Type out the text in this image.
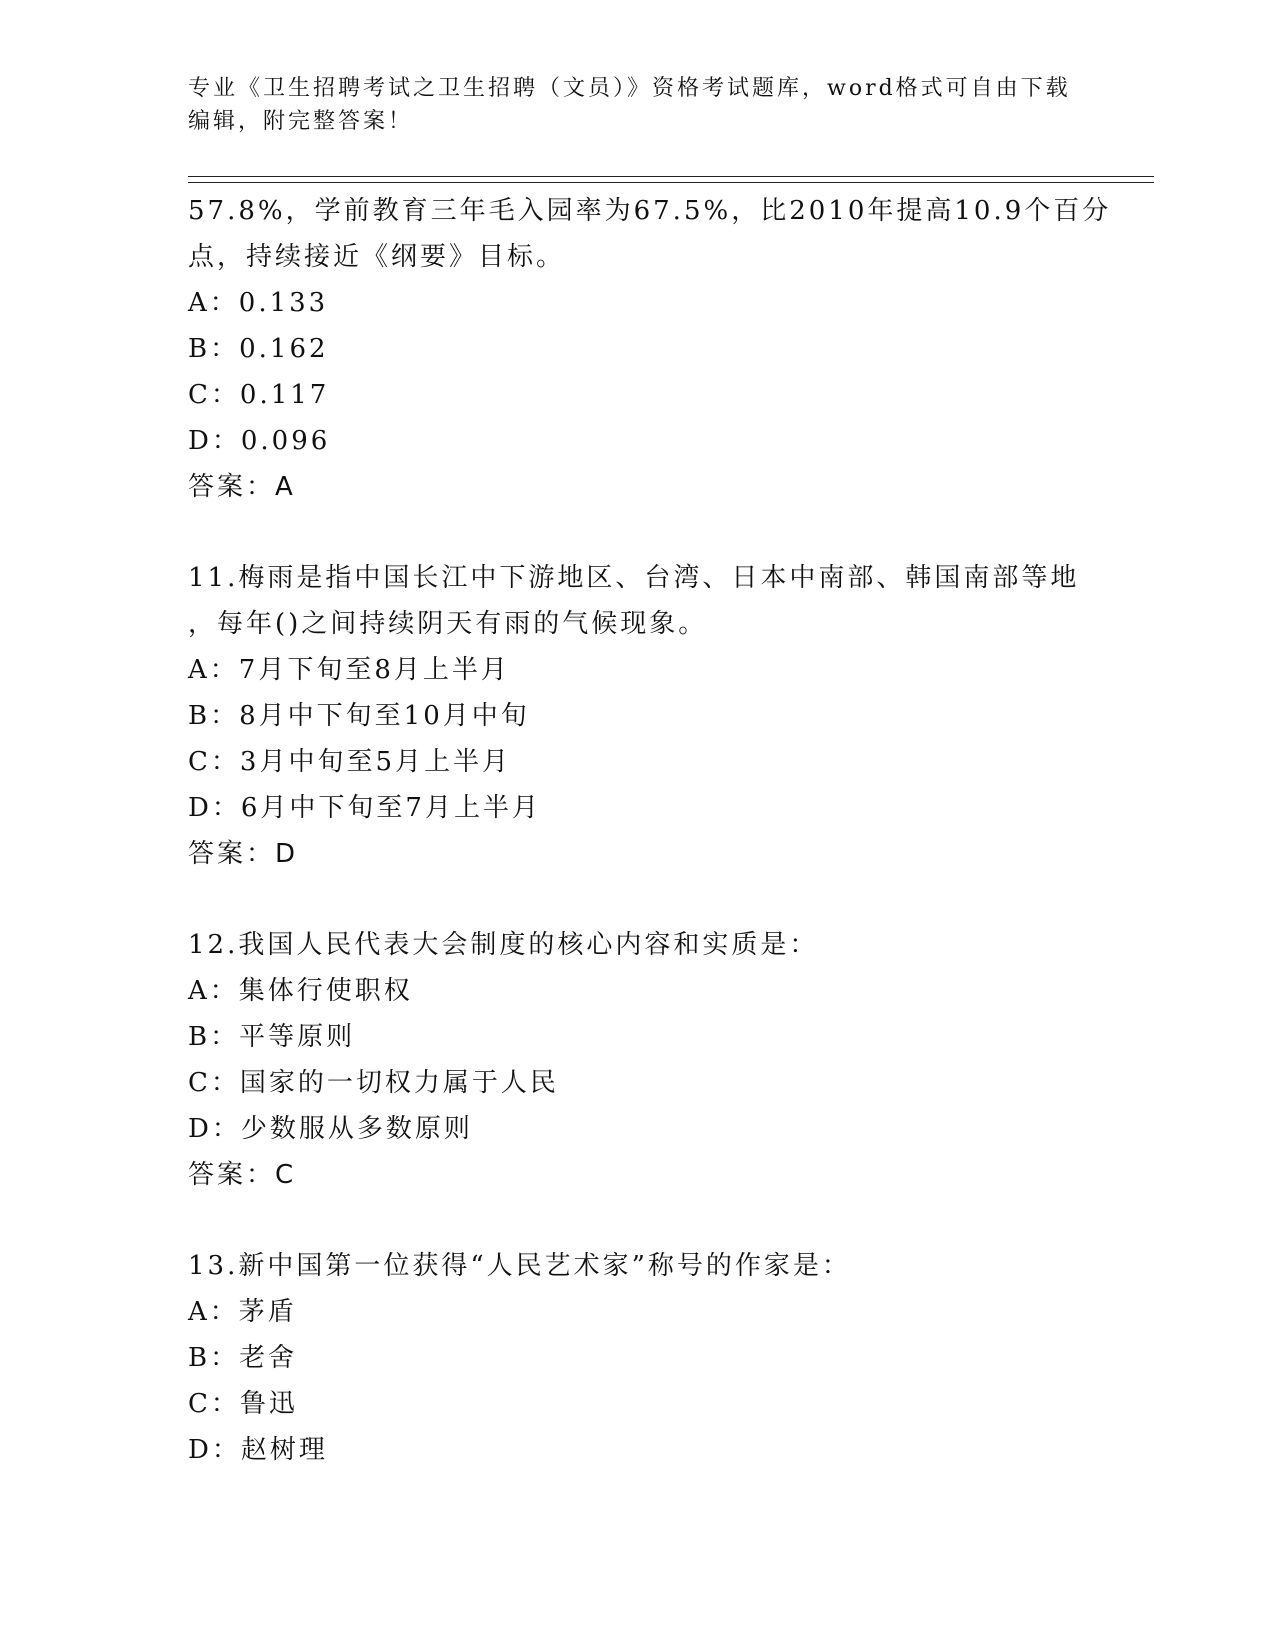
专业《卫生招聘考试之卫生招聘（文员）》资格考试题库，word格式可自由下载
编辑，附完整答案！
57.8%，学前教育三年毛入园率为67.5%，比2010年提高10.9个百分
点，持续接近《纲要》目标。
A：0.133
B：0.162
C：0.117
D：0.096
答案：A
11.梅雨是指中国长江中下游地区、台湾、日本中南部、韩国南部等地
，每年()之间持续阴天有雨的气候现象。
A：7月下旬至8月上半月
B：8月中下旬至10月中旬
C：3月中旬至5月上半月
D：6月中下旬至7月上半月
答案：D
12.我国人民代表大会制度的核心内容和实质是：
A：集体行使职权
B：平等原则
C：国家的一切权力属于人民
D：少数服从多数原则
答案：C
13.新中国第一位获得“人民艺术家”称号的作家是：
A：茅盾
B：老舍
C：鲁迅
D：赵树理
